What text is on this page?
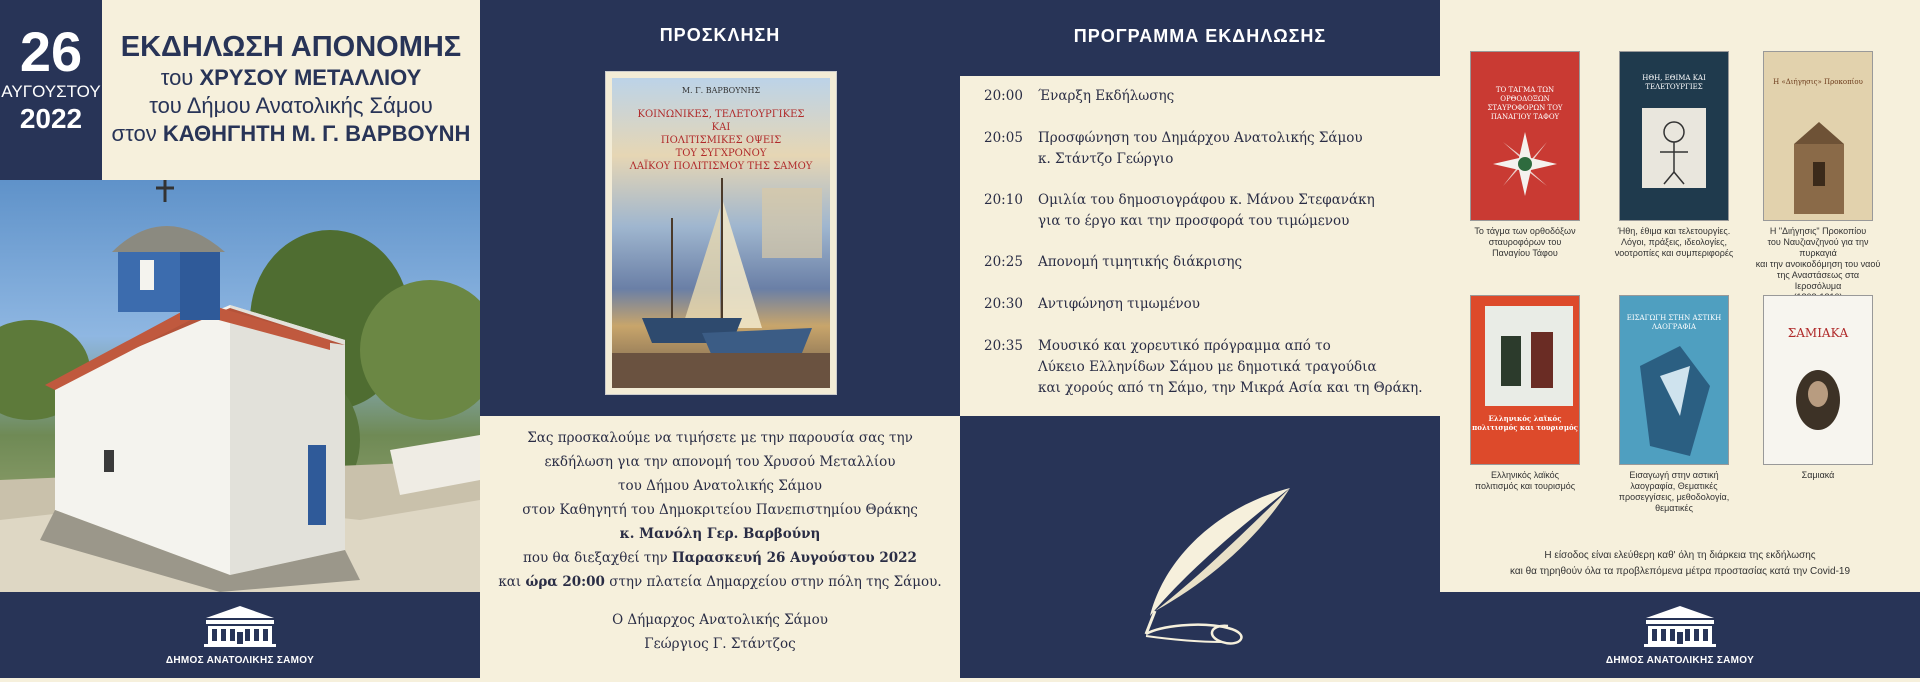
26
ΑΥΓΟΥΣΤΟΥ
2022
ΕΚΔΗΛΩΣΗ ΑΠΟΝΟΜΗΣ
του ΧΡΥΣΟΥ ΜΕΤΑΛΛΙΟΥ
του Δήμου Ανατολικής Σάμου
στον ΚΑΘΗΓΗΤΗ Μ. Γ. ΒΑΡΒΟΥΝΗ
ΔΗΜΟΣ ΑΝΑΤΟΛΙΚΗΣ ΣΑΜΟΥ
ΠΡΟΣΚΛΗΣΗ
Μ. Γ. ΒΑΡΒΟΥΝΗΣ
ΚΟΙΝΩΝΙΚΕΣ, ΤΕΛΕΤΟΥΡΓΙΚΕΣ
ΚΑΙ
ΠΟΛΙΤΙΣΜΙΚΕΣ ΟΨΕΙΣ
ΤΟΥ ΣΥΓΧΡΟΝΟΥ
ΛΑΪΚΟΥ ΠΟΛΙΤΙΣΜΟΥ ΤΗΣ ΣΑΜΟΥ
Σας προσκαλούμε να τιμήσετε με την παρουσία σας την
εκδήλωση για την απονομή του Χρυσού Μεταλλίου
του Δήμου Ανατολικής Σάμου
στον Καθηγητή του Δημοκριτείου Πανεπιστημίου Θράκης
κ. Μανόλη Γερ. Βαρβούνη
που θα διεξαχθεί την Παρασκευή 26 Αυγούστου 2022
και ώρα 20:00 στην πλατεία Δημαρχείου στην πόλη της Σάμου.
Ο Δήμαρχος Ανατολικής Σάμου
Γεώργιος Γ. Στάντζος
ΠΡΟΓΡΑΜΜΑ ΕΚΔΗΛΩΣΗΣ
20:00	Έναρξη Εκδήλωσης
20:05	Προσφώνηση του Δημάρχου Ανατολικής Σάμου
κ. Στάντζο Γεώργιο
20:10	Ομιλία του δημοσιογράφου κ. Μάνου Στεφανάκη
για το έργο και την προσφορά του τιμώμενου
20:25	Απονομή τιμητικής διάκρισης
20:30	Αντιφώνηση τιμωμένου
20:35	Μουσικό και χορευτικό πρόγραμμα από το
Λύκειο Ελληνίδων Σάμου με δημοτικά τραγούδια
και χορούς από τη Σάμο, την Μικρά Ασία και τη Θράκη.
ΤΟ ΤΑΓΜΑ ΤΩΝ ΟΡΘΟΔΟΞΩΝ ΣΤΑΥΡΟΦΟΡΩΝ ΤΟΥ ΠΑΝΑΓΙΟΥ ΤΑΦΟΥ
Το τάγμα των ορθοδόξων
σταυροφόρων του
Παναγίου Τάφου
ΗΘΗ, ΕΘΙΜΑ ΚΑΙ ΤΕΛΕΤΟΥΡΓΙΕΣ
Ήθη, έθιμα και τελετουργίες.
Λόγοι, πράξεις, ιδεολογίες,
νοοτροπίες και συμπεριφορές
Η «Διήγησις» Προκοπίου
Η "Διήγησις" Προκοπίου
του Ναυζιανζηνού για την πυρκαγιά
και την ανοικοδόμηση του ναού
της Αναστάσεως στα Ιεροσόλυμα
Ελληνικός λαϊκός πολιτισμός και τουρισμός
Ελληνικός λαϊκός
πολιτισμός και τουρισμός
ΕΙΣΑΓΩΓΗ ΣΤΗΝ ΑΣΤΙΚΗ ΛΑΟΓΡΑΦΙΑ
Εισαγωγή στην αστική
λαογραφία, Θεματικές
προσεγγίσεις, μεθοδολογία,
θεματικές
ΣΑΜΙΑΚΑ
Σαμιακά
Η είσοδος είναι ελεύθερη καθ' όλη τη διάρκεια της εκδήλωσης
και θα τηρηθούν όλα τα προβλεπόμενα μέτρα προστασίας κατά την Covid-19
ΔΗΜΟΣ ΑΝΑΤΟΛΙΚΗΣ ΣΑΜΟΥ
